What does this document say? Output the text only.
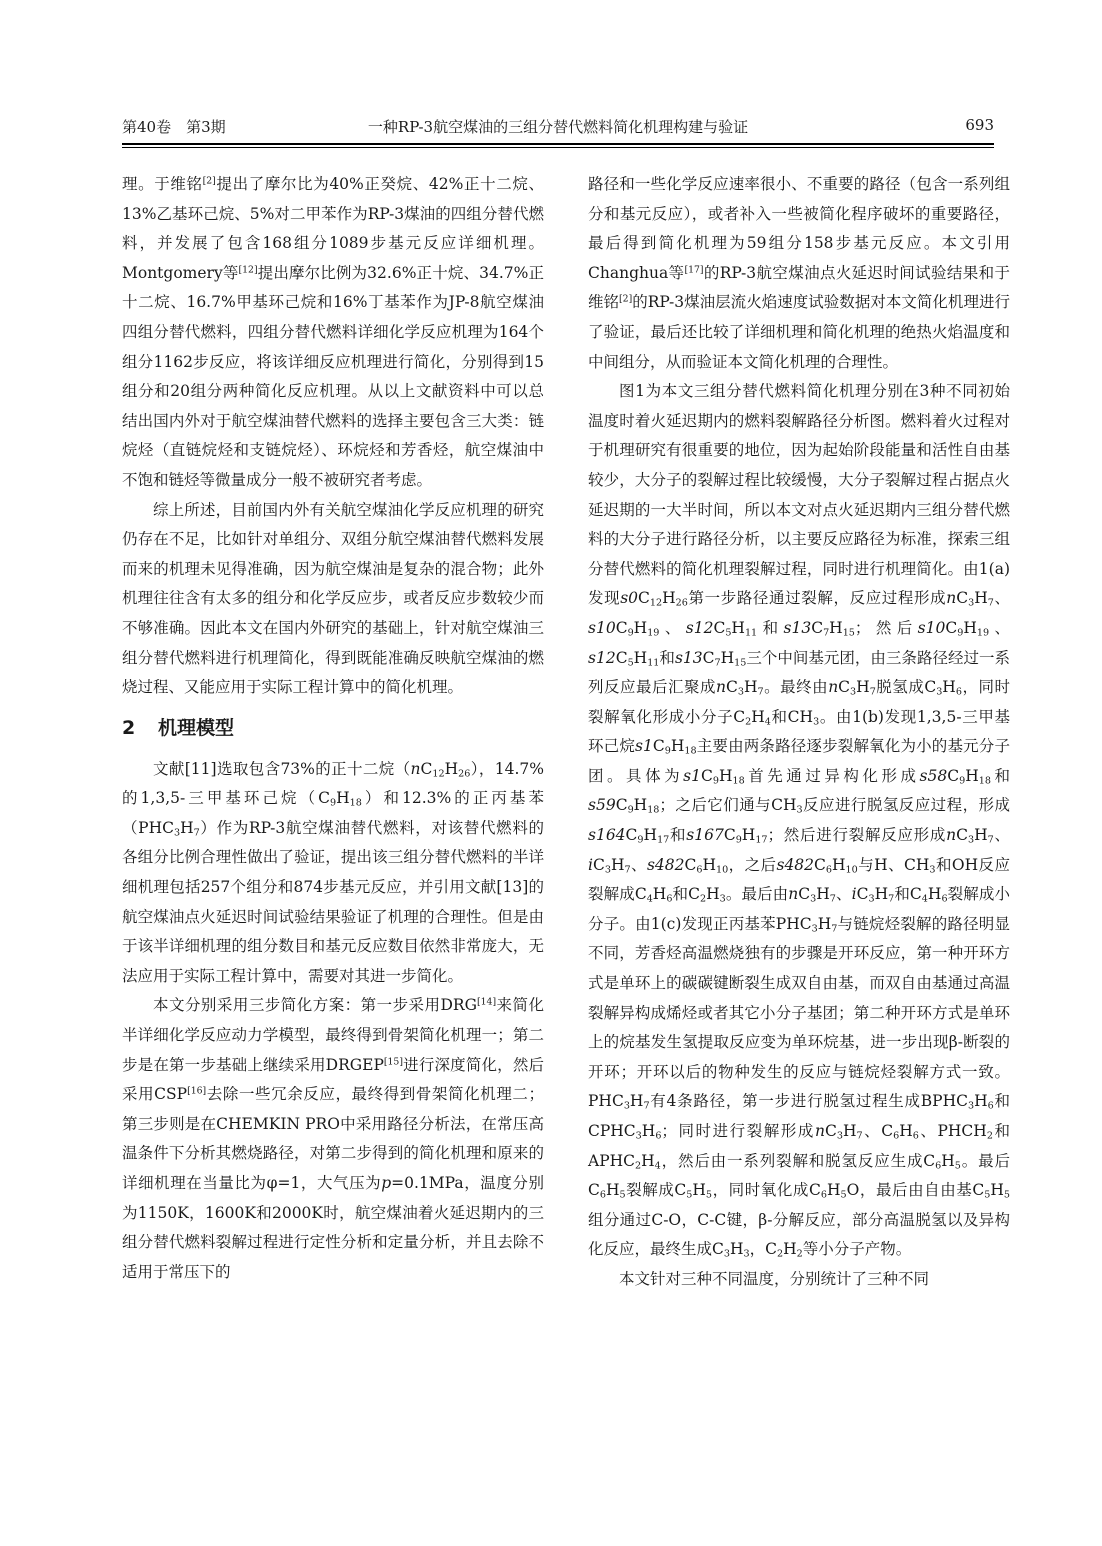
第40卷　 第3期	一种RP-3航空煤油的三组分替代燃料简化机理构建与验证	693

理。于维铭[2]提出了摩尔比为40%正癸烷、42%正十二烷、13%乙基环己烷、5%对二甲苯作为RP-3煤油的四组分替代燃料，并发展了包含168组分1089步基元反应详细机理。Montgomery等[12]提出摩尔比例为32.6%正十烷、34.7%正十二烷、16.7%甲基环己烷和16%丁基苯作为JP-8航空煤油四组分替代燃料，四组分替代燃料详细化学反应机理为164个组分1162步反应，将该详细反应机理进行简化，分别得到15组分和20组分两种简化反应机理。从以上文献资料中可以总结出国内外对于航空煤油替代燃料的选择主要包含三大类：链烷烃（直链烷烃和支链烷烃）、环烷烃和芳香烃，航空煤油中不饱和链烃等微量成分一般不被研究者考虑。

综上所述，目前国内外有关航空煤油化学反应机理的研究仍存在不足，比如针对单组分、双组分航空煤油替代燃料发展而来的机理未见得准确，因为航空煤油是复杂的混合物；此外机理往往含有太多的组分和化学反应步，或者反应步数较少而不够准确。因此本文在国内外研究的基础上，针对航空煤油三组分替代燃料进行机理简化，得到既能准确反映航空煤油的燃烧过程、又能应用于实际工程计算中的简化机理。

2 机理模型

文献[11]选取包含73%的正十二烷$(nC_{12}H_{26})$，14.7%的1,3,5-三甲基环己烷$(C_9H_{18})$和12.3%的正丙基苯$(PHC_3H_7)$作为RP-3航空煤油替代燃料，对该替代燃料的各组分比例合理性做出了验证，提出该三组分替代燃料的半详细机理包括257个组分和874步基元反应，并引用文献[13]的航空煤油点火延迟时间试验结果验证了机理的合理性。但是由于该半详细机理的组分数目和基元反应数目依然非常庞大，无法应用于实际工程计算中，需要对其进一步简化。

本文分别采用三步简化方案：第一步采用DRG[14]来简化半详细化学反应动力学模型，最终得到骨架简化机理一；第二步是在第一步基础上继续采用DRGEP[15]进行深度简化，然后采用CSP[16]去除一些冗余反应，最终得到骨架简化机理二；第三步则是在CHEMKIN PRO中采用路径分析法，在常压高温条件下分析其燃烧路径，对第二步得到的简化机理和原来的详细机理在当量比为φ=1，大气压为p=0.1MPa，温度分别为1150K，1600K和2000K时，航空煤油着火延迟期内的三组分替代燃料裂解过程进行定性分析和定量分析，并且去除不适用于常压下的

路径和一些化学反应速率很小、不重要的路径（包含一系列组分和基元反应），或者补入一些被简化程序破坏的重要路径，最后得到简化机理为59组分158步基元反应。本文引用Changhua等[17]的RP-3航空煤油点火延迟时间试验结果和于维铭[2]的RP-3煤油层流火焰速度试验数据对本文简化机理进行了验证，最后还比较了详细机理和简化机理的绝热火焰温度和中间组分，从而验证本文简化机理的合理性。

图1为本文三组分替代燃料简化机理分别在3种不同初始温度时着火延迟期内的燃料裂解路径分析图。燃料着火过程对于机理研究有很重要的地位，因为起始阶段能量和活性自由基较少，大分子的裂解过程比较缓慢，大分子裂解过程占据点火延迟期的一大半时间，所以本文对点火延迟期内三组分替代燃料的大分子进行路径分析，以主要反应路径为标准，探索三组分替代燃料的简化机理裂解过程，同时进行机理简化。由1(a)发现$s0C_{12}H_{26}$第一步路径通过裂解，反应过程形成$nC_3H_7$、$s10C_9H_{19}$、$s12C_5H_{11}$和$s13C_7H_{15}$；然后$s10C_9H_{19}$、$s12C_5H_{11}$和$s13C_7H_{15}$三个中间基元团，由三条路径经过一系列反应最后汇聚成$nC_3H_7$。最终由$nC_3H_7$脱氢成$C_3H_6$，同时裂解氧化形成小分子$C_2H_4$和$CH_3$。由1(b)发现1,3,5-三甲基环己烷$s1C_9H_{18}$主要由两条路径逐步裂解氧化为小的基元分子团。具体为$s1C_9H_{18}$首先通过异构化形成$s58C_9H_{18}$和$s59C_9H_{18}$；之后它们通与$CH_3$反应进行脱氢反应过程，形成$s164C_9H_{17}$和$s167C_9H_{17}$；然后进行裂解反应形成$nC_3H_7$、$iC_3H_7$、$s482C_6H_{10}$，之后$s482C_6H_{10}$与H、$CH_3$和OH反应裂解成$C_4H_6$和$C_2H_3$。最后由$nC_3H_7$、$iC_3H_7$和$C_4H_6$裂解成小分子。由1(c)发现正丙基苯$PHC_3H_7$与链烷烃裂解的路径明显不同，芳香烃高温燃烧独有的步骤是开环反应，第一种开环方式是单环上的碳碳键断裂生成双自由基，而双自由基通过高温裂解异构成烯烃或者其它小分子基团；第二种开环方式是单环上的烷基发生氢提取反应变为单环烷基，进一步出现β-断裂的开环；开环以后的物种发生的反应与链烷烃裂解方式一致。$PHC_3H_7$有4条路径，第一步进行脱氢过程生成$BPHC_3H_6$和$CPHC_3H_6$；同时进行裂解形成$nC_3H_7$、$C_6H_6$、$PHCH_2$和$APHC_2H_4$，然后由一系列裂解和脱氢反应生成$C_6H_5$。最后$C_6H_5$裂解成$C_5H_5$，同时氧化成$C_6H_5O$，最后由自由基$C_5H_5$组分通过C-O，C-C键，β-分解反应，部分高温脱氢以及异构化反应，最终生成$C_3H_3$，$C_2H_2$等小分子产物。

本文针对三种不同温度，分别统计了三种不同
